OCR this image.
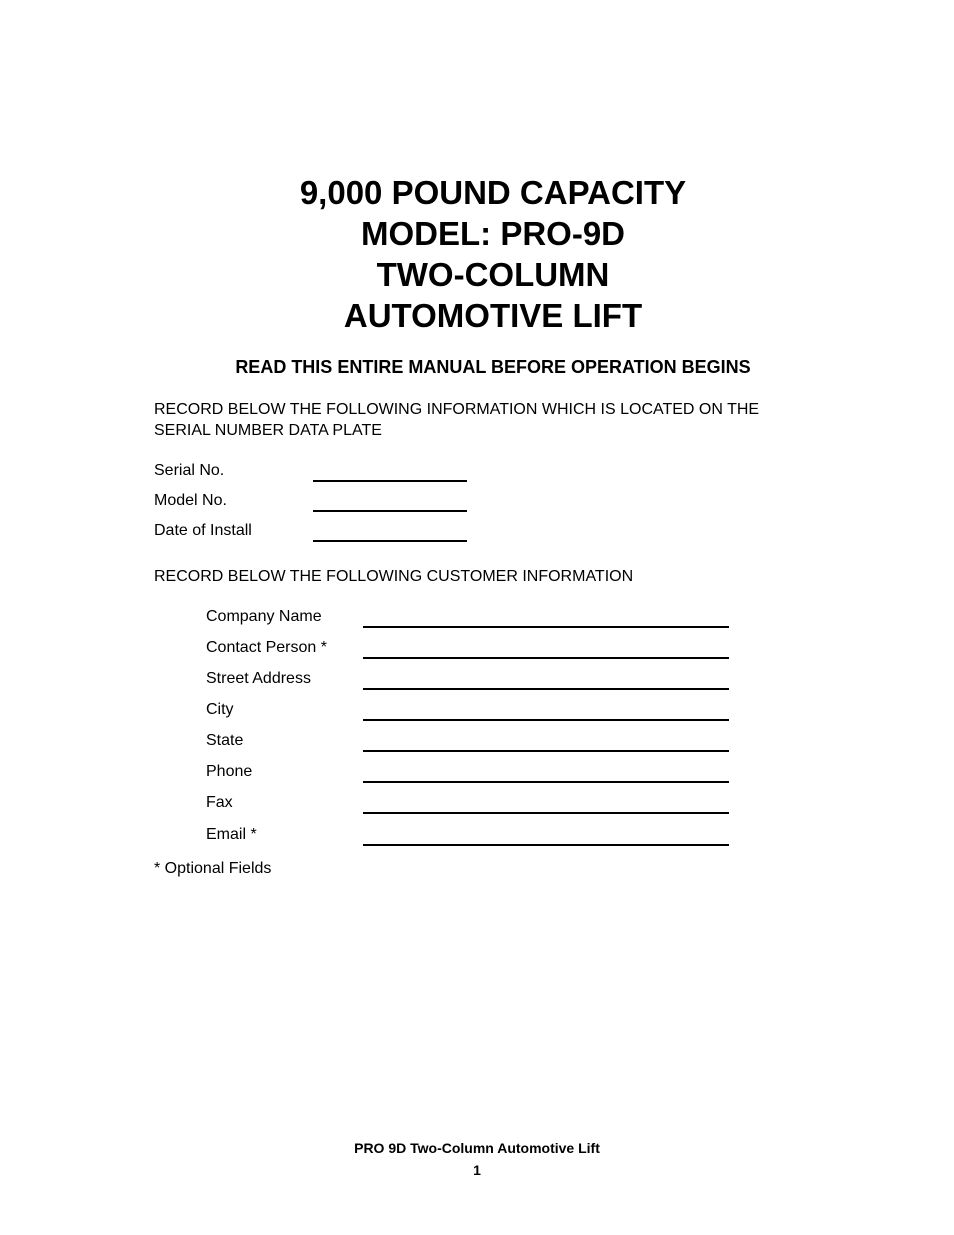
9,000 POUND CAPACITY
MODEL: PRO-9D
TWO-COLUMN
AUTOMOTIVE LIFT
READ THIS ENTIRE MANUAL BEFORE OPERATION BEGINS
RECORD BELOW THE FOLLOWING INFORMATION WHICH IS LOCATED ON THE
SERIAL NUMBER DATA PLATE
Serial No.
Model No.
Date of Install
RECORD BELOW THE FOLLOWING CUSTOMER INFORMATION
Company Name
Contact Person *
Street Address
City
State
Phone
Fax
Email *
* Optional Fields
PRO 9D Two-Column Automotive Lift
1
